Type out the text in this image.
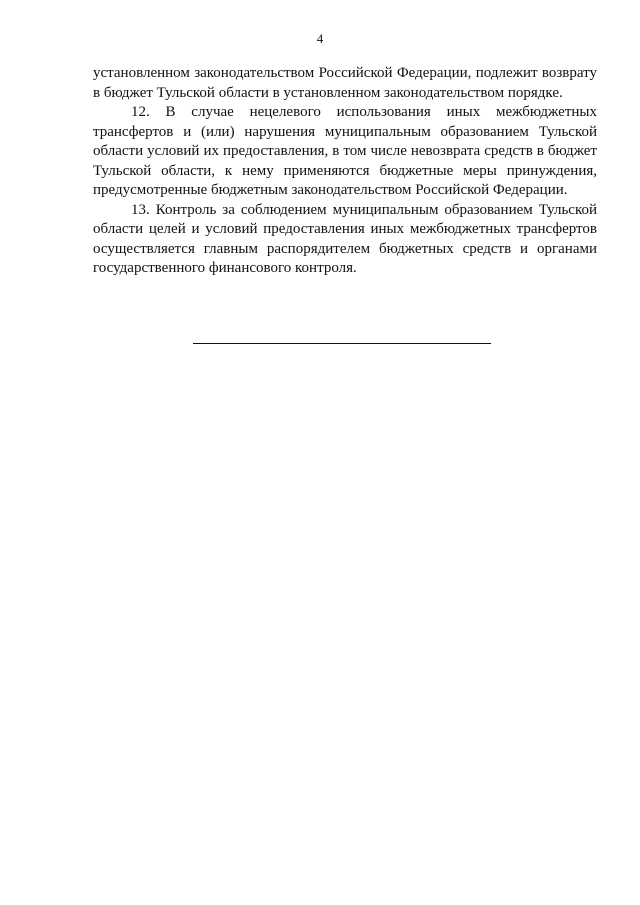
4

установленном законодательством Российской Федерации, подлежит возврату в бюджет Тульской области в установленном законодательством порядке.

12. В случае нецелевого использования иных межбюджетных трансфертов и (или) нарушения муниципальным образованием Тульской области условий их предоставления, в том числе невозврата средств в бюджет Тульской области, к нему применяются бюджетные меры принуждения, предусмотренные бюджетным законодательством Российской Федерации.

13. Контроль за соблюдением муниципальным образованием Тульской области целей и условий предоставления иных межбюджетных трансфертов осуществляется главным распорядителем бюджетных средств и органами государственного финансового контроля.
